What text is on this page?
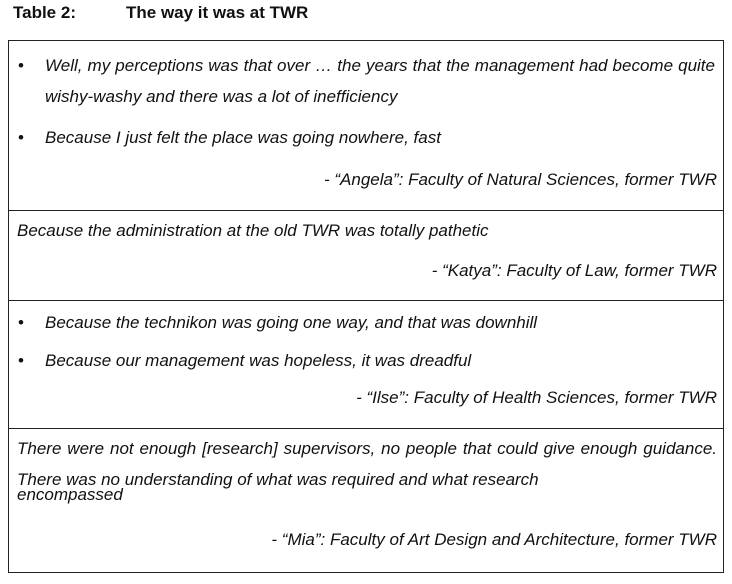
Table 2:	The way it was at TWR
• Well, my perceptions was that over … the years that the management had become quite wishy-washy and there was a lot of inefficiency
• Because I just felt the place was going nowhere, fast
- “Angela”: Faculty of Natural Sciences, former TWR
Because the administration at the old TWR was totally pathetic
- “Katya”: Faculty of Law, former TWR
• Because the technikon was going one way, and that was downhill
• Because our management was hopeless, it was dreadful
- “Ilse”: Faculty of Health Sciences, former TWR
There were not enough [research] supervisors, no people that could give enough guidance. There was no understanding of what was required and what research
encompassed
- “Mia”: Faculty of Art Design and Architecture, former TWR
